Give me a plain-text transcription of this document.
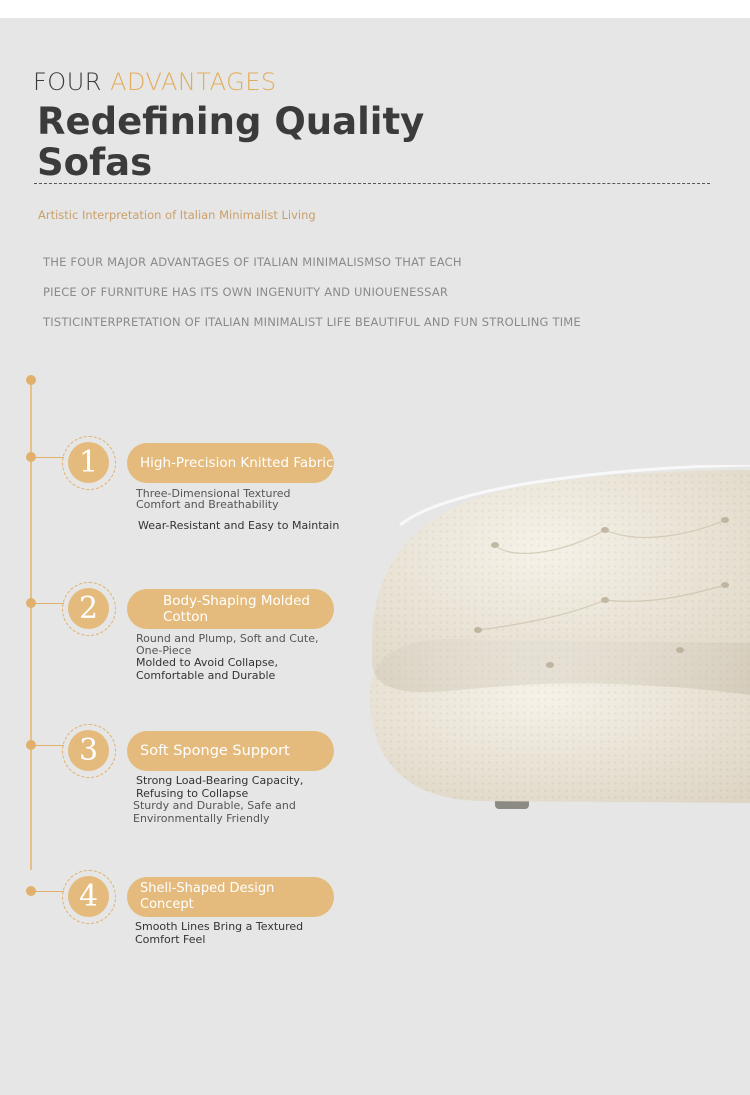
FOUR ADVANTAGES
Redefining Quality
Sofas
Artistic Interpretation of Italian Minimalist Living
THE FOUR MAJOR ADVANTAGES OF ITALIAN MINIMALISMSO THAT EACH
PIECE OF FURNITURE HAS ITS OWN INGENUITY AND UNIOUENESSAR
TISTICINTERPRETATION OF ITALIAN MINIMALIST LIFE BEAUTIFUL AND FUN STROLLING TIME
1	High-Precision Knitted Fabric
Three-Dimensional Textured
Comfort and Breathability
Wear-Resistant and Easy to Maintain
2	Body-Shaping Molded
Cotton
Round and Plump, Soft and Cute,
One-Piece
Molded to Avoid Collapse,
Comfortable and Durable
3	Soft Sponge Support
Strong Load-Bearing Capacity,
Refusing to Collapse
Sturdy and Durable, Safe and
Environmentally Friendly
4	Shell-Shaped Design
Concept
Smooth Lines Bring a Textured
Comfort Feel
